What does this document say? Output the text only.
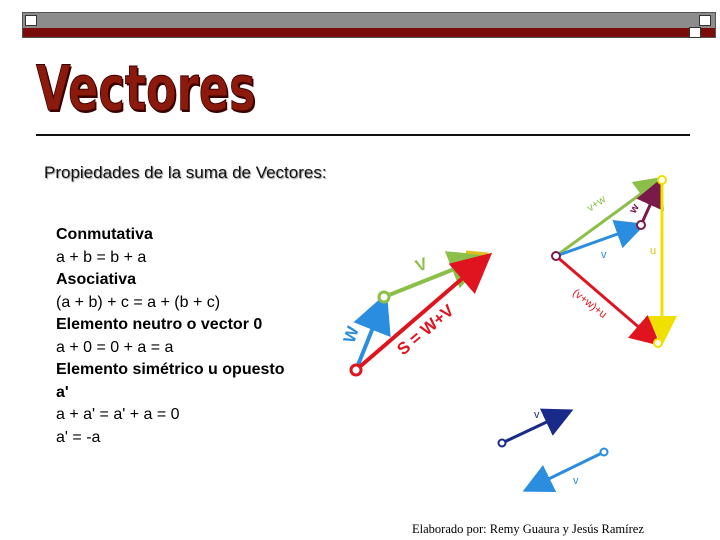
Vectores
Propiedades de la suma de Vectores:
Conmutativa
a + b = b + a
Asociativa
(a + b) + c = a + (b + c)
Elemento neutro o vector 0
a + 0 = 0 + a = a
Elemento simétrico u opuesto
a'
a + a' = a' + a = 0
a' = -a
V
W S = W+V
v+w w
v	u
(v+w)+u
v
v
Elaborado por: Remy Guaura y Jesús Ramírez
